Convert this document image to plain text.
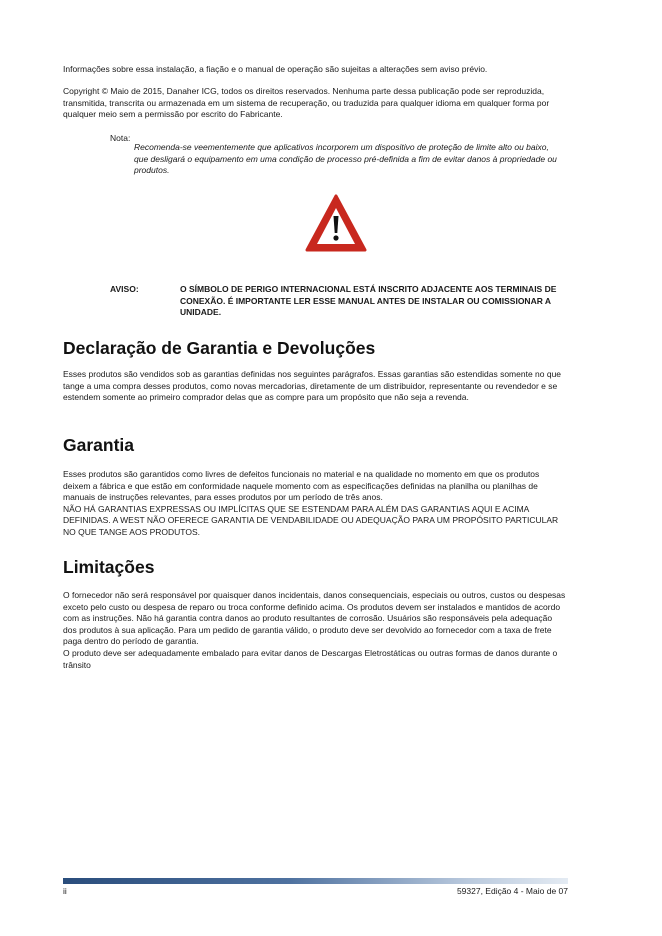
Informações sobre essa instalação, a fiação e o manual de operação são sujeitas a alterações sem aviso prévio.

Copyright © Maio de 2015, Danaher ICG, todos os direitos reservados. Nenhuma parte dessa publicação pode ser reproduzida, transmitida, transcrita ou armazenada em um sistema de recuperação, ou traduzida para qualquer idioma em qualquer forma por qualquer meio sem a permissão por escrito do Fabricante.

Nota:
Recomenda-se veementemente que aplicativos incorporem um dispositivo de proteção de limite alto ou baixo, que desligará o equipamento em uma condição de processo pré-definida a fim de evitar danos à propriedade ou produtos.
AVISO:	O SÍMBOLO DE PERIGO INTERNACIONAL ESTÁ INSCRITO ADJACENTE AOS TERMINAIS DE CONEXÃO. É IMPORTANTE LER ESSE MANUAL ANTES DE INSTALAR OU COMISSIONAR A UNIDADE.
Declaração de Garantia e Devoluções

Esses produtos são vendidos sob as garantias definidas nos seguintes parágrafos. Essas garantias são estendidas somente no que tange a uma compra desses produtos, como novas mercadorias, diretamente de um distribuidor, representante ou revendedor e se estendem somente ao primeiro comprador delas que as compre para um propósito que não seja a revenda.

Garantia

Esses produtos são garantidos como livres de defeitos funcionais no material e na qualidade no momento em que os produtos deixem a fábrica e que estão em conformidade naquele momento com as especificações definidas na planilha ou planilhas de manuais de instruções relevantes, para esses produtos por um período de três anos.

NÃO HÁ GARANTIAS EXPRESSAS OU IMPLÍCITAS QUE SE ESTENDAM PARA ALÉM DAS GARANTIAS AQUI E ACIMA DEFINIDAS. A WEST NÃO OFERECE GARANTIA DE VENDABILIDADE OU ADEQUAÇÃO PARA UM PROPÓSITO PARTICULAR NO QUE TANGE AOS PRODUTOS.

Limitações

O fornecedor não será responsável por quaisquer danos incidentais, danos consequenciais, especiais ou outros, custos ou despesas exceto pelo custo ou despesa de reparo ou troca conforme definido acima. Os produtos devem ser instalados e mantidos de acordo com as instruções. Não há garantia contra danos ao produto resultantes de corrosão. Usuários são responsáveis pela adequação dos produtos à sua aplicação. Para um pedido de garantia válido, o produto deve ser devolvido ao fornecedor com a taxa de frete paga dentro do período de garantia.

O produto deve ser adequadamente embalado para evitar danos de Descargas Eletrostáticas ou outras formas de danos durante o trânsito

ii	59327, Edição 4 - Maio de 07
